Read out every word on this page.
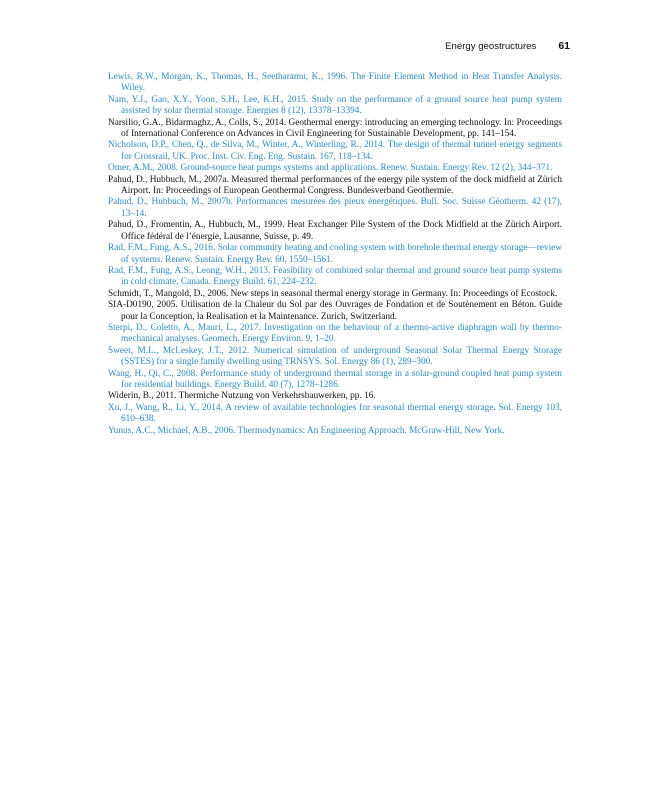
Energy geostructures 61
Lewis, R.W., Morgan, K., Thomas, H., Seetharamu, K., 1996. The Finite Element Method in Heat Transfer Analysis. Wiley.
Nam, Y.J., Gao, X.Y., Yoon, S.H., Lee, K.H., 2015. Study on the performance of a ground source heat pump system assisted by solar thermal storage. Energies 8 (12), 13378–13394.
Narsilio, G.A., Bidarmaghz, A., Colls, S., 2014. Geothermal energy: introducing an emerging technology. In: Proceedings of International Conference on Advances in Civil Engineering for Sustainable Development, pp. 141–154.
Nicholson, D.P., Chen, Q., de Silva, M., Winter, A., Winterling, R., 2014. The design of thermal tunnel energy segments for Crossrail, UK. Proc. Inst. Civ. Eng. Eng. Sustain. 167, 118–134.
Omer, A.M., 2008. Ground-source heat pumps systems and applications. Renew. Sustain. Energy Rev. 12 (2), 344–371.
Pahud, D., Hubbuch, M., 2007a. Measured thermal performances of the energy pile system of the dock midfield at Zürich Airport. In: Proceedings of European Geothermal Congress. Bundesverband Geothermie.
Pahud, D., Hubbuch, M., 2007b. Performances mesurées des pieux énergétiques. Bull. Soc. Suisse Géotherm. 42 (17), 13–14.
Pahud, D., Fromentin, A., Hubbuch, M., 1999. Heat Exchanger Pile System of the Dock Midfield at the Zürich Airport. Office fédéral de l’énergie, Lausanne, Suisse, p. 49.
Rad, F.M., Fung, A.S., 2016. Solar community heating and cooling system with borehole thermal energy storage—review of systems. Renew. Sustain. Energy Rev. 60, 1550–1561.
Rad, F.M., Fung, A.S., Leong, W.H., 2013. Feasibility of combined solar thermal and ground source heat pump systems in cold climate, Canada. Energy Build. 61, 224–232.
Schmidt, T., Mangold, D., 2006. New steps in seasonal thermal energy storage in Germany. In: Proceedings of Ecostock.
SIA-D0190, 2005. Utilisation de la Chaleur du Sol par des Ouvrages de Fondation et de Soutènement en Béton. Guide pour la Conception, la Realisation et la Maintenance. Zurich, Switzerland.
Sterpi, D., Coletto, A., Mauri, L., 2017. Investigation on the behaviour of a thermo-active diaphragm wall by thermo-mechanical analyses. Geomech. Energy Environ. 9, 1–20.
Sweet, M.L., McLeskey, J.T., 2012. Numerical simulation of underground Seasonal Solar Thermal Energy Storage (SSTES) for a single family dwelling using TRNSYS. Sol. Energy 86 (1), 289–300.
Wang, H., Qi, C., 2008. Performance study of underground thermal storage in a solar-ground coupled heat pump system for residential buildings. Energy Build. 40 (7), 1278–1286.
Widerin, B., 2011. Thermiche Nutzung von Verkehrsbauwerken, pp. 16.
Xu, J., Wang, R., Li, Y., 2014. A review of available technologies for seasonal thermal energy storage. Sol. Energy 103, 610–638.
Yunus, A.C., Michael, A.B., 2006. Thermodynamics: An Engineering Approach. McGraw-Hill, New York.
